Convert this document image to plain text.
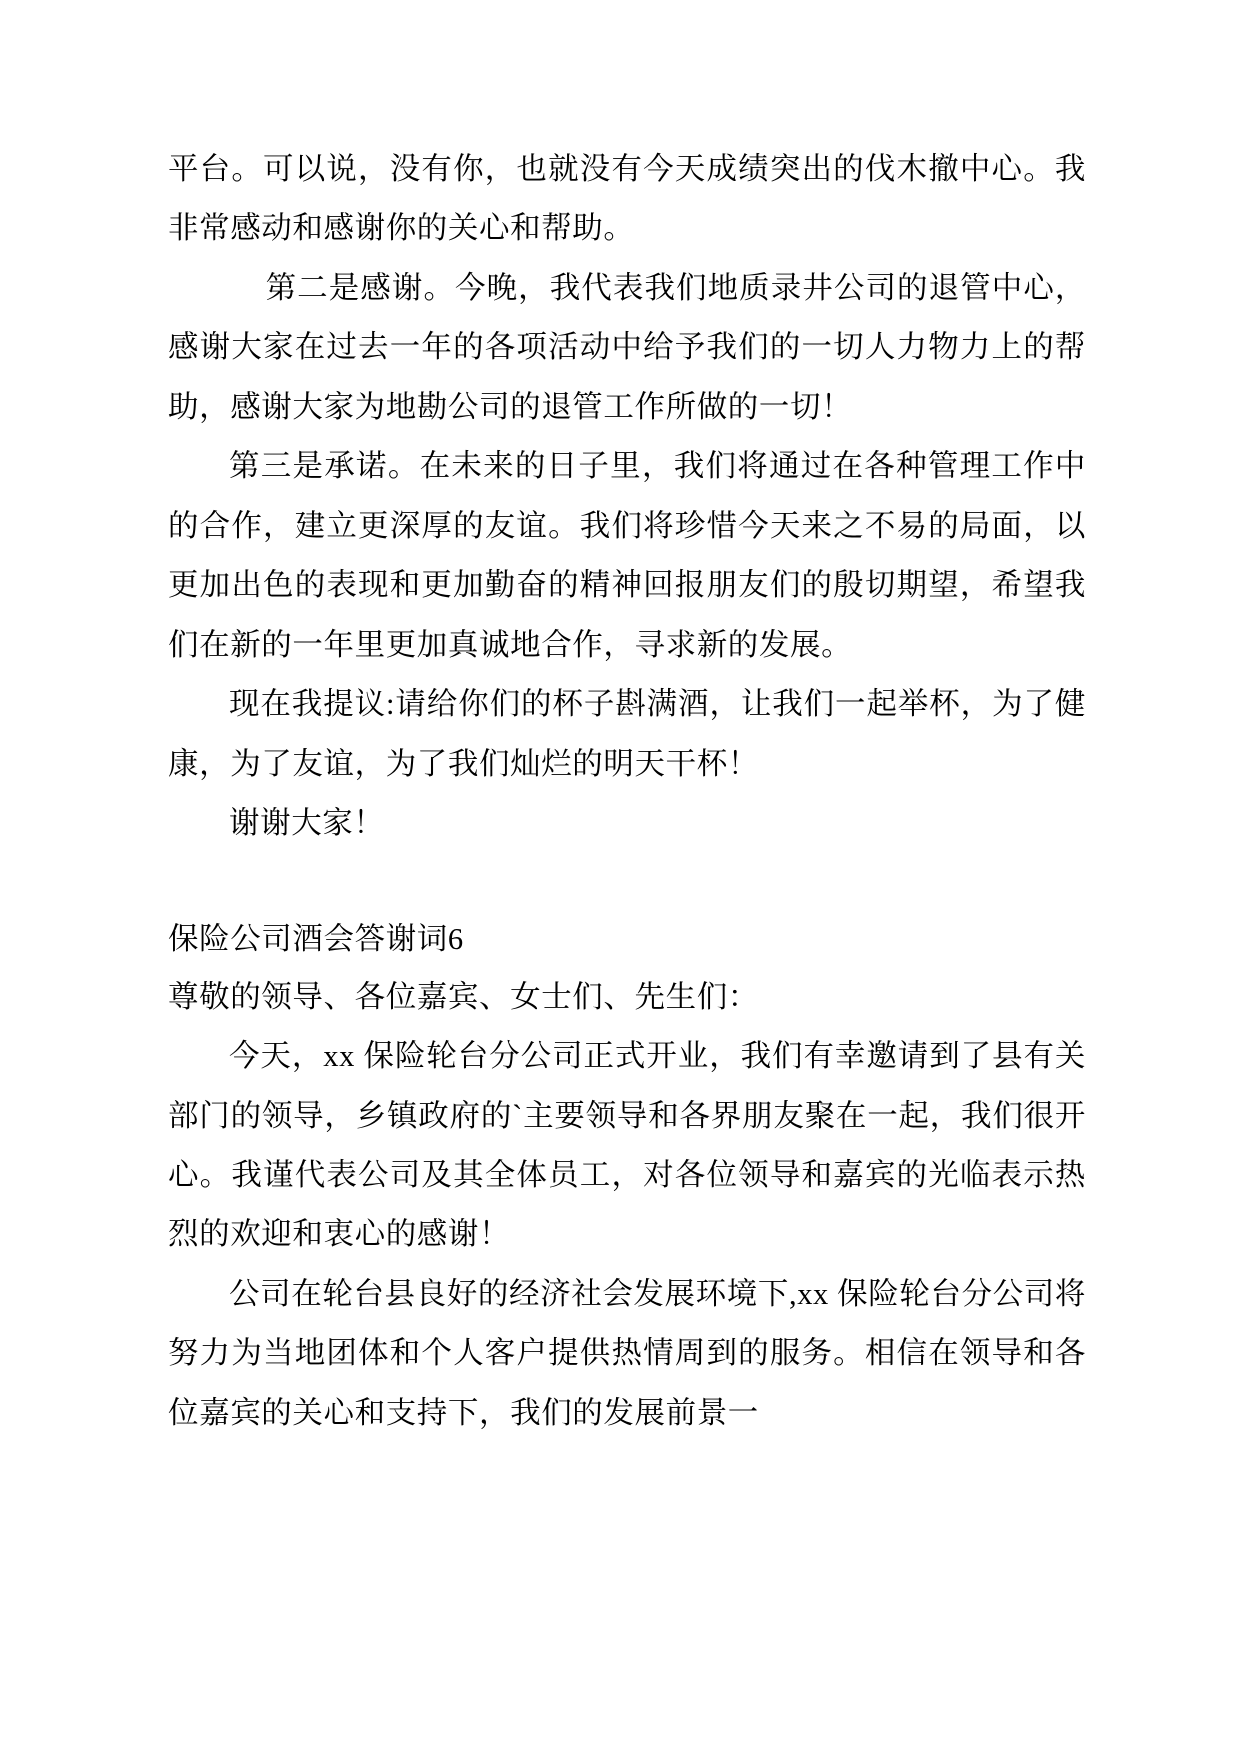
平台。可以说，没有你，也就没有今天成绩突出的伐木撤中心。我非常感动和感谢你的关心和帮助。

第二是感谢。今晚，我代表我们地质录井公司的退管中心，感谢大家在过去一年的各项活动中给予我们的一切人力物力上的帮助，感谢大家为地勘公司的退管工作所做的一切！

第三是承诺。在未来的日子里，我们将通过在各种管理工作中的合作，建立更深厚的友谊。我们将珍惜今天来之不易的局面，以更加出色的表现和更加勤奋的精神回报朋友们的殷切期望，希望我们在新的一年里更加真诚地合作，寻求新的发展。

现在我提议:请给你们的杯子斟满酒，让我们一起举杯，为了健康，为了友谊，为了我们灿烂的明天干杯！

谢谢大家！

保险公司酒会答谢词6

尊敬的领导、各位嘉宾、女士们、先生们：

今天，xx 保险轮台分公司正式开业，我们有幸邀请到了县有关部门的领导，乡镇政府的`主要领导和各界朋友聚在一起，我们很开心。我谨代表公司及其全体员工，对各位领导和嘉宾的光临表示热烈的欢迎和衷心的感谢！

公司在轮台县良好的经济社会发展环境下,xx 保险轮台分公司将努力为当地团体和个人客户提供热情周到的服务。相信在领导和各位嘉宾的关心和支持下，我们的发展前景一
